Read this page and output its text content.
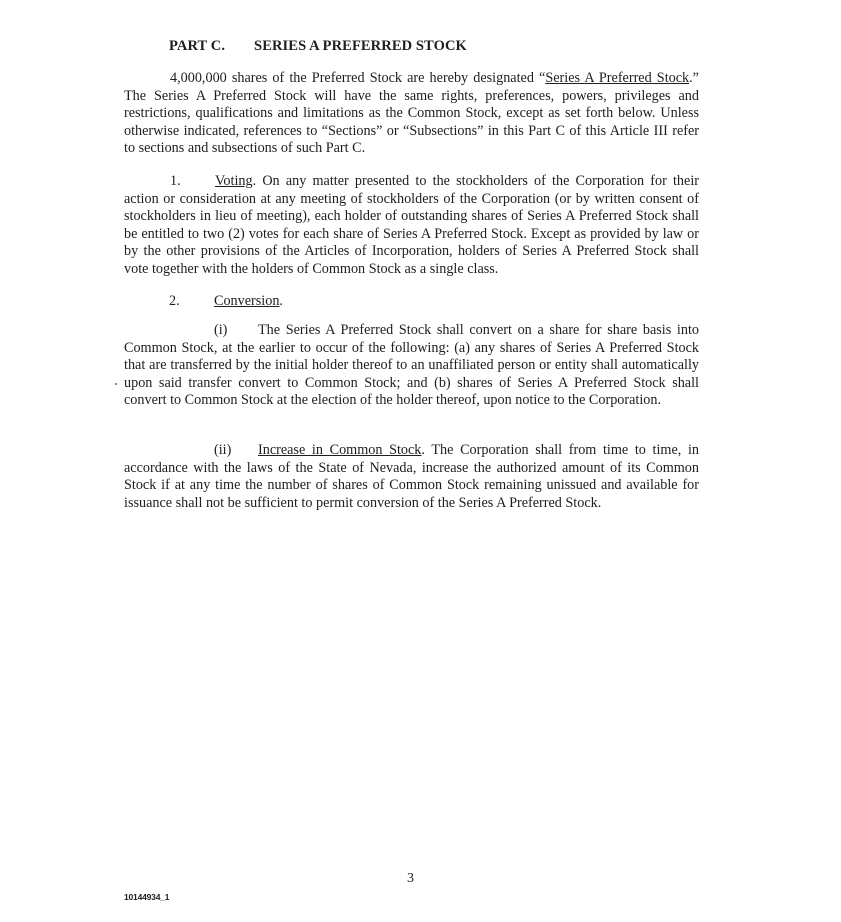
PART C. SERIES A PREFERRED STOCK

4,000,000 shares of the Preferred Stock are hereby designated “Series A Preferred Stock.” The Series A Preferred Stock will have the same rights, preferences, powers, privileges and restrictions, qualifications and limitations as the Common Stock, except as set forth below. Unless otherwise indicated, references to “Sections” or “Subsections” in this Part C of this Article III refer to sections and subsections of such Part C.

1. Voting. On any matter presented to the stockholders of the Corporation for their action or consideration at any meeting of stockholders of the Corporation (or by written consent of stockholders in lieu of meeting), each holder of outstanding shares of Series A Preferred Stock shall be entitled to two (2) votes for each share of Series A Preferred Stock. Except as provided by law or by the other provisions of the Articles of Incorporation, holders of Series A Preferred Stock shall vote together with the holders of Common Stock as a single class.

2. Conversion.

(i) The Series A Preferred Stock shall convert on a share for share basis into Common Stock, at the earlier to occur of the following: (a) any shares of Series A Preferred Stock that are transferred by the initial holder thereof to an unaffiliated person or entity shall automatically upon said transfer convert to Common Stock; and (b) shares of Series A Preferred Stock shall convert to Common Stock at the election of the holder thereof, upon notice to the Corporation.

(ii) Increase in Common Stock. The Corporation shall from time to time, in accordance with the laws of the State of Nevada, increase the authorized amount of its Common Stock if at any time the number of shares of Common Stock remaining unissued and available for issuance shall not be sufficient to permit conversion of the Series A Preferred Stock.

3
10144934_1
